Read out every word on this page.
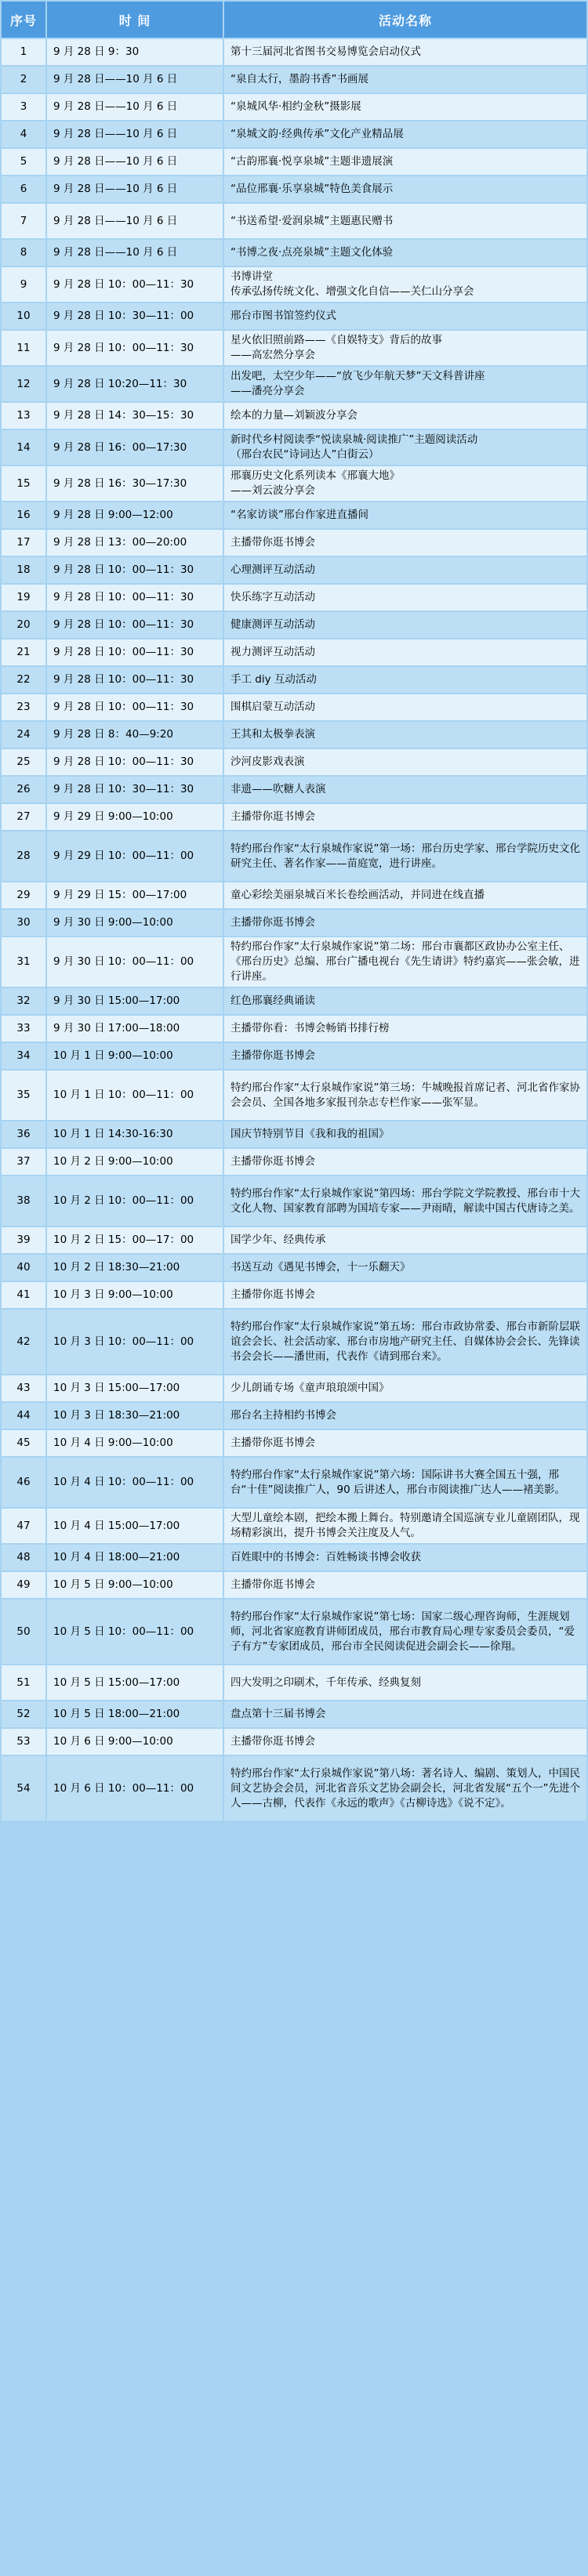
序号	时 间	活动名称
1	9 月 28 日 9：30	第十三届河北省图书交易博览会启动仪式
2	9 月 28 日——10 月 6 日	“泉自太行，墨韵书香”书画展
3	9 月 28 日——10 月 6 日	“泉城风华·相约金秋”摄影展
4	9 月 28 日——10 月 6 日	“泉城文韵·经典传承”文化产业精品展
5	9 月 28 日——10 月 6 日	“古韵邢襄·悦享泉城”主题非遗展演
6	9 月 28 日——10 月 6 日	“品位邢襄·乐享泉城”特色美食展示
7	9 月 28 日——10 月 6 日	“书送希望·爱润泉城”主题惠民赠书
8	9 月 28 日——10 月 6 日	“书博之夜·点亮泉城”主题文化体验
9	9 月 28 日 10：00—11：30
书博讲堂
传承弘扬传统文化、增强文化自信——关仁山分享会
10	9 月 28 日 10：30—11：00	邢台市图书馆签约仪式
11	9 月 28 日 10：00—11：30
星火依旧照前路——《自娱特支》背后的故事
——高宏然分享会
12	9 月 28 日 10:20—11：30
出发吧，太空少年——“放飞少年航天梦”天文科普讲座
——潘亮分享会
13	9 月 28 日 14：30—15：30	绘本的力量—刘颖波分享会
14	9 月 28 日 16：00—17:30
新时代乡村阅读季“悦读泉城·阅读推广”主题阅读活动
（邢台农民“诗词达人”白街云）
15	9 月 28 日 16：30—17:30
邢襄历史文化系列读本《邢襄大地》
——刘云波分享会
16	9 月 28 日 9:00—12:00	“名家访谈”邢台作家进直播间
17	9 月 28 日 13：00—20:00	主播带你逛书博会
18	9 月 28 日 10：00—11：30	心理测评互动活动
19	9 月 28 日 10：00—11：30	快乐练字互动活动
20	9 月 28 日 10：00—11：30	健康测评互动活动
21	9 月 28 日 10：00—11：30	视力测评互动活动
22	9 月 28 日 10：00—11：30	手工 diy 互动活动
23	9 月 28 日 10：00—11：30	围棋启蒙互动活动
24	9 月 28 日 8：40—9:20	王其和太极拳表演
25	9 月 28 日 10：00—11：30	沙河皮影戏表演
26	9 月 28 日 10：30—11：30	非遗——吹糖人表演
27	9 月 29 日 9:00—10:00	主播带你逛书博会
28	9 月 29 日 10：00—11：00
特约邢台作家“太行泉城作家说”第一场：邢台历史学家、邢台学院历史文化研究主任、著名作家——苗庭宽，进行讲座。
29	9 月 29 日 15：00—17:00	童心彩绘美丽泉城百米长卷绘画活动，并同进在线直播
30	9 月 30 日 9:00—10:00	主播带你逛书博会
31	9 月 30 日 10：00—11：00
特约邢台作家“太行泉城作家说”第二场：邢台市襄都区政协办公室主任、《邢台历史》总编、邢台广播电视台《先生请讲》特约嘉宾——张会敏，进行讲座。
32	9 月 30 日 15:00—17:00	红色邢襄经典诵读
33	9 月 30 日 17:00—18:00	主播带你看：书博会畅销书排行榜
34	10 月 1 日 9:00—10:00	主播带你逛书博会
35	10 月 1 日 10：00—11：00
特约邢台作家“太行泉城作家说”第三场：牛城晚报首席记者、河北省作家协会会员、全国各地多家报刊杂志专栏作家——张军显。
36	10 月 1 日 14:30-16:30	国庆节特别节目《我和我的祖国》
37	10 月 2 日 9:00—10:00	主播带你逛书博会
38	10 月 2 日 10：00—11：00
特约邢台作家“太行泉城作家说”第四场：邢台学院文学院教授、邢台市十大文化人物、国家教育部聘为国培专家——尹雨晴，解读中国古代唐诗之美。
39	10 月 2 日 15：00—17：00	国学少年、经典传承
40	10 月 2 日 18:30—21:00	书送互动《遇见书博会，十一乐翻天》
41	10 月 3 日 9:00—10:00	主播带你逛书博会
42	10 月 3 日 10：00—11：00
特约邢台作家“太行泉城作家说”第五场：邢台市政协常委、邢台市新阶层联谊会会长、社会活动家、邢台市房地产研究主任、自媒体协会会长、先锋读书会会长——潘世雨，代表作《请到邢台来》。
43	10 月 3 日 15:00—17:00	少儿朗诵专场《童声琅琅颂中国》
44	10 月 3 日 18:30—21:00	邢台名主持相约书博会
45	10 月 4 日 9:00—10:00	主播带你逛书博会
46	10 月 4 日 10：00—11：00
特约邢台作家“太行泉城作家说”第六场：国际讲书大赛全国五十强，邢台“十佳”阅读推广人，90 后讲述人，邢台市阅读推广达人——褚美影。
47	10 月 4 日 15:00—17:00
大型儿童绘本剧，把绘本搬上舞台。特别邀请全国巡演专业儿童剧团队，现场精彩演出，提升书博会关注度及人气。
48	10 月 4 日 18:00—21:00	百姓眼中的书博会：百姓畅谈书博会收获
49	10 月 5 日 9:00—10:00	主播带你逛书博会
50	10 月 5 日 10：00—11：00
特约邢台作家“太行泉城作家说”第七场：国家二级心理咨询师，生涯规划师，河北省家庭教育讲师团成员，邢台市教育局心理专家委员会委员，“爱子有方”专家团成员，邢台市全民阅读促进会副会长——徐翔。
51	10 月 5 日 15:00—17:00	四大发明之印刷术，千年传承、经典复刻
52	10 月 5 日 18:00—21:00	盘点第十三届书博会
53	10 月 6 日 9:00—10:00	主播带你逛书博会
54	10 月 6 日 10：00—11：00
特约邢台作家“太行泉城作家说”第八场：著名诗人、编剧、策划人，中国民间文艺协会会员，河北省音乐文艺协会副会长，河北省发展“五个一”先进个人——古柳，代表作《永远的歌声》《古柳诗选》《说不定》。
